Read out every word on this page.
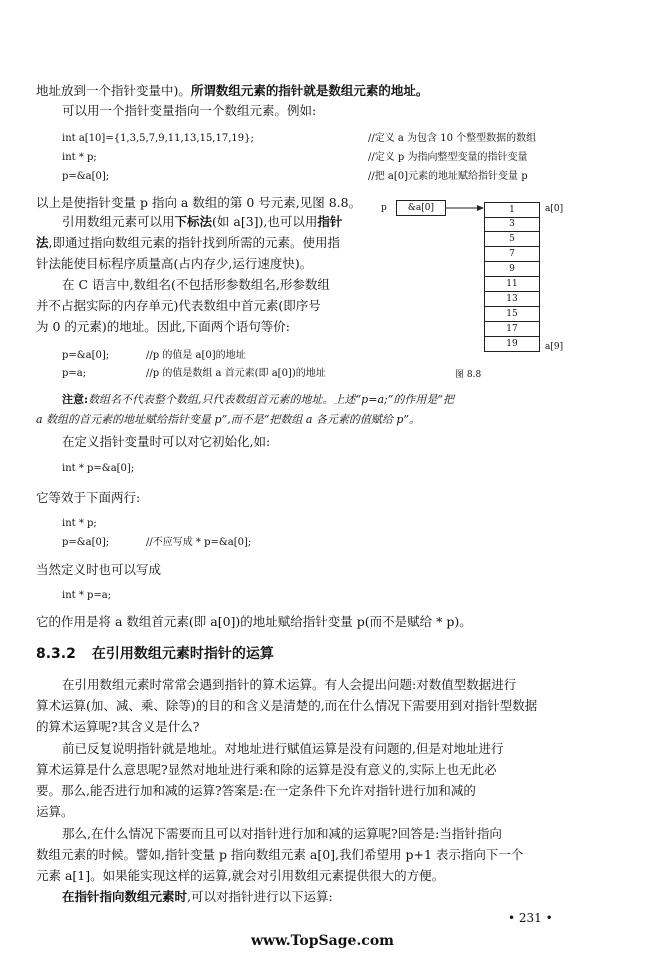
地址放到一个指针变量中)。所谓数组元素的指针就是数组元素的地址。
可以用一个指针变量指向一个数组元素。例如:
int a[10]={1,3,5,7,9,11,13,15,17,19};	//定义 a 为包含 10 个整型数据的数组
int * p;	//定义 p 为指向整型变量的指针变量
p=&a[0];	//把 a[0]元素的地址赋给指针变量 p
以上是使指针变量 p 指向 a 数组的第 0 号元素,见图 8.8。
引用数组元素可以用下标法(如 a[3]),也可以用指针
法,即通过指向数组元素的指针找到所需的元素。使用指
针法能使目标程序质量高(占内存少,运行速度快)。
在 C 语言中,数组名(不包括形参数组名,形参数组
并不占据实际的内存单元)代表数组中首元素(即序号
为 0 的元素)的地址。因此,下面两个语句等价:
p=&a[0];	//p 的值是 a[0]的地址
p=a;	//p 的值是数组 a 首元素(即 a[0])的地址
p	&a[0]	1
3
5
7
9
11
13
15
17
19
a[0]
a[9]
图 8.8
注意:数组名不代表整个数组,只代表数组首元素的地址。上述“p=a;”的作用是“把
a 数组的首元素的地址赋给指针变量 p”,而不是“把数组 a 各元素的值赋给 p”。
在定义指针变量时可以对它初始化,如:
int * p=&a[0];
它等效于下面两行:
int * p;
p=&a[0];	//不应写成 * p=&a[0];
当然定义时也可以写成
int * p=a;
它的作用是将 a 数组首元素(即 a[0])的地址赋给指针变量 p(而不是赋给 * p)。
8.3.2 在引用数组元素时指针的运算
在引用数组元素时常常会遇到指针的算术运算。有人会提出问题:对数值型数据进行
算术运算(加、减、乘、除等)的目的和含义是清楚的,而在什么情况下需要用到对指针型数据
的算术运算呢?其含义是什么?
前已反复说明指针就是地址。对地址进行赋值运算是没有问题的,但是对地址进行
算术运算是什么意思呢?显然对地址进行乘和除的运算是没有意义的,实际上也无此必
要。那么,能否进行加和减的运算?答案是:在一定条件下允许对指针进行加和减的
运算。
那么,在什么情况下需要而且可以对指针进行加和减的运算呢?回答是:当指针指向
数组元素的时候。譬如,指针变量 p 指向数组元素 a[0],我们希望用 p+1 表示指向下一个
元素 a[1]。如果能实现这样的运算,就会对引用数组元素提供很大的方便。
在指针指向数组元素时,可以对指针进行以下运算:
• 231 •
www.TopSage.com
